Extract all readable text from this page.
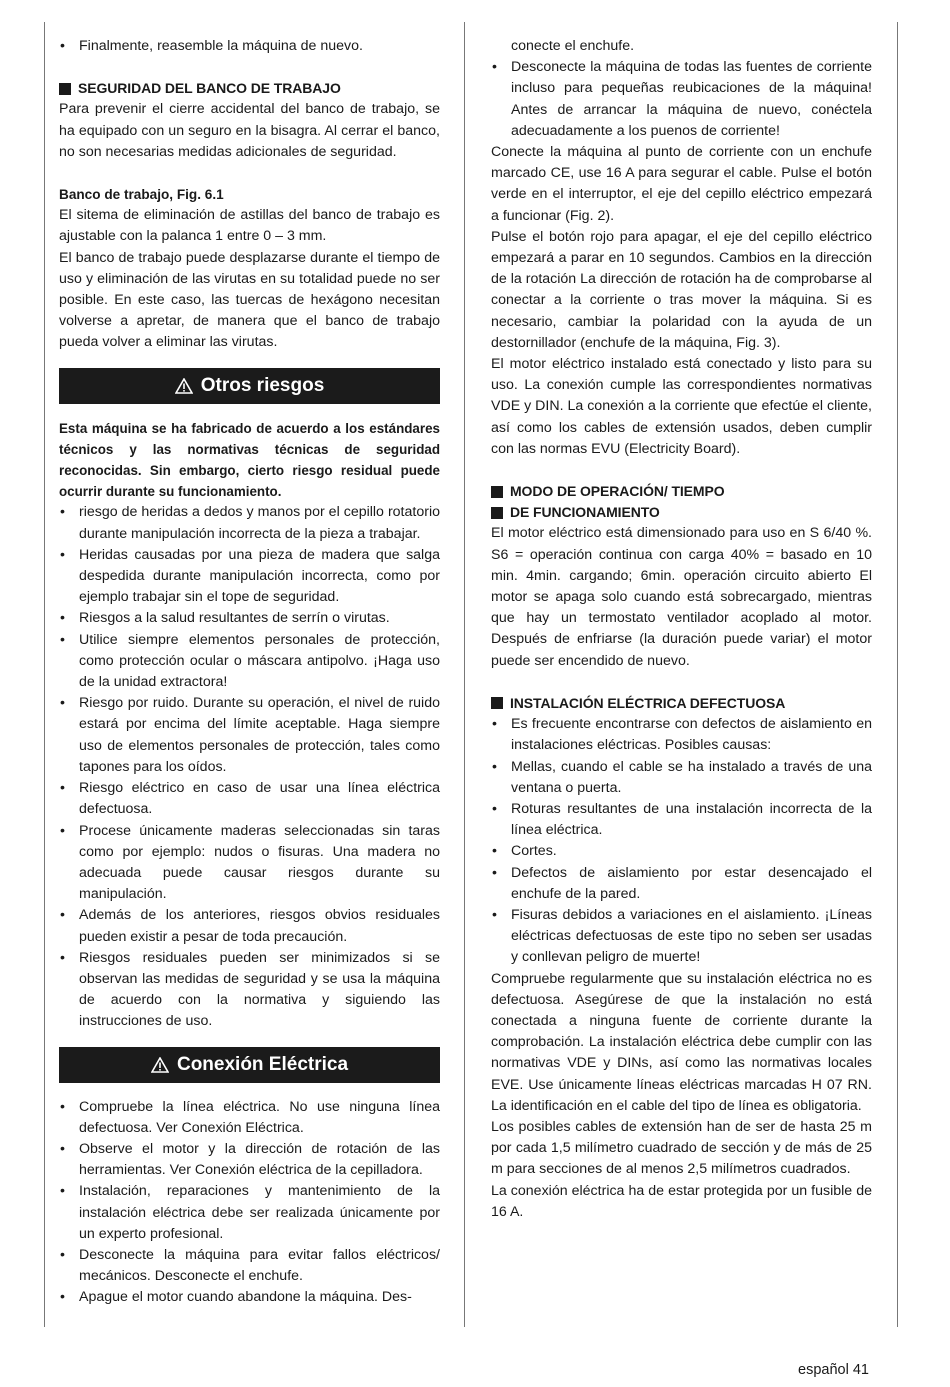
• Finalmente, reasemble la máquina de nuevo.
SEGURIDAD DEL BANCO DE TRABAJO

Para prevenir el cierre accidental del banco de trabajo, se ha equipado con un seguro en la bisagra. Al cerrar el banco, no son necesarias medidas adicionales de seguridad.

Banco de trabajo, Fig. 6.1

El sitema de eliminación de astillas del banco de trabajo es ajustable con la palanca 1 entre 0 – 3 mm.

El banco de trabajo puede desplazarse durante el tiempo de uso y eliminación de las virutas en su totalidad puede no ser posible. En este caso, las tuercas de hexágono necesitan volverse a apretar, de manera que el banco de trabajo pueda volver a eliminar las virutas.

Otros riesgos

Esta máquina se ha fabricado de acuerdo a los estándares técnicos y las normativas técnicas de seguridad reconocidas. Sin embargo, cierto riesgo residual puede ocurrir durante su funcionamiento.

• riesgo de heridas a dedos y manos por el cepillo rotatorio durante manipulación incorrecta de la pieza a trabajar.
• Heridas causadas por una pieza de madera que salga despedida durante manipulación incorrecta, como por ejemplo trabajar sin el tope de seguridad.
• Riesgos a la salud resultantes de serrín o virutas.
• Utilice siempre elementos personales de protección, como protección ocular o máscara antipolvo. ¡Haga uso de la unidad extractora!
• Riesgo por ruido. Durante su operación, el nivel de ruido estará por encima del límite aceptable. Haga siempre uso de elementos personales de protección, tales como tapones para los oídos.
• Riesgo eléctrico en caso de usar una línea eléctrica defectuosa.
• Procese únicamente maderas seleccionadas sin taras como por ejemplo: nudos o fisuras. Una madera no adecuada puede causar riesgos durante su manipulación.
• Además de los anteriores, riesgos obvios residuales pueden existir a pesar de toda precaución.
• Riesgos residuales pueden ser minimizados si se observan las medidas de seguridad y se usa la máquina de acuerdo con la normativa y siguiendo las instrucciones de uso.
Conexión Eléctrica
• Compruebe la línea eléctrica. No use ninguna línea defectuosa. Ver Conexión Eléctrica.
• Observe el motor y la dirección de rotación de las herramientas. Ver Conexión eléctrica de la cepilladora.
• Instalación, reparaciones y mantenimiento de la instalación eléctrica debe ser realizada únicamente por un experto profesional.
• Desconecte la máquina para evitar fallos eléctricos/ mecánicos. Desconecte el enchufe.
• Apague el motor cuando abandone la máquina. Des-

conecte el enchufe.

• Desconecte la máquina de todas las fuentes de corriente incluso para pequeñas reubicaciones de la máquina! Antes de arrancar la máquina de nuevo, conéctela adecuadamente a los puenos de corriente!

Conecte la máquina al punto de corriente con un enchufe marcado CE, use 16 A para segurar el cable. Pulse el botón verde en el interruptor, el eje del cepillo eléctrico empezará a funcionar (Fig. 2).

Pulse el botón rojo para apagar, el eje del cepillo eléctrico empezará a parar en 10 segundos. Cambios en la dirección de la rotación La dirección de rotación ha de comprobarse al conectar a la corriente o tras mover la máquina. Si es necesario, cambiar la polaridad con la ayuda de un destornillador (enchufe de la máquina, Fig. 3).

El motor eléctrico instalado está conectado y listo para su uso. La conexión cumple las correspondientes normativas VDE y DIN. La conexión a la corriente que efectúe el cliente, así como los cables de extensión usados, deben cumplir con las normas EVU (Electricity Board).

MODO DE OPERACIÓN/ TIEMPO
DE FUNCIONAMIENTO

El motor eléctrico está dimensionado para uso en S 6/40 %. S6 = operación continua con carga 40% = basado en 10 min. 4min. cargando; 6min. operación circuito abierto El motor se apaga solo cuando está sobrecargado, mientras que hay un termostato ventilador acoplado al motor. Después de enfriarse (la duración puede variar) el motor puede ser encendido de nuevo.

INSTALACIÓN ELÉCTRICA DEFECTUOSA
• Es frecuente encontrarse con defectos de aislamiento en instalaciones eléctricas. Posibles causas:
• Mellas, cuando el cable se ha instalado a través de una ventana o puerta.
• Roturas resultantes de una instalación incorrecta de la línea eléctrica.
• Cortes.
• Defectos de aislamiento por estar desencajado el enchufe de la pared.
• Fisuras debidos a variaciones en el aislamiento. ¡Líneas eléctricas defectuosas de este tipo no seben ser usadas y conllevan peligro de muerte!

Compruebe regularmente que su instalación eléctrica no es defectuosa. Asegúrese de que la instalación no está conectada a ninguna fuente de corriente durante la comprobación. La instalación eléctrica debe cumplir con las normativas VDE y DINs, así como las normativas locales EVE. Use únicamente líneas eléctricas marcadas H 07 RN. La identificación en el cable del tipo de línea es obligatoria.

Los posibles cables de extensión han de ser de hasta 25 m por cada 1,5 milímetro cuadrado de sección y de más de 25 m para secciones de al menos 2,5 milímetros cuadrados.

La conexión eléctrica ha de estar protegida por un fusible de 16 A.

español 41
